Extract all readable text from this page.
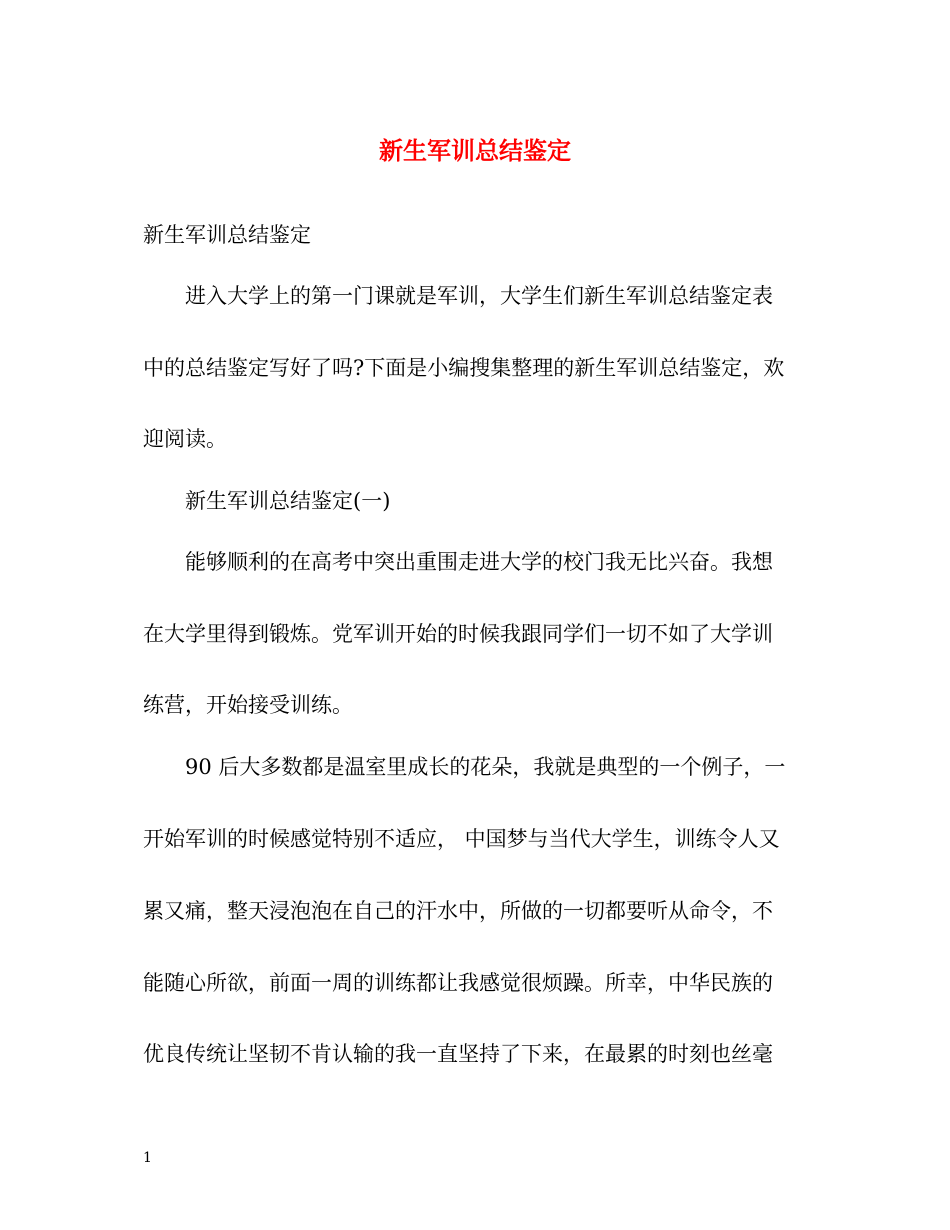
新生军训总结鉴定
新生军训总结鉴定
进入大学上的第一门课就是军训，大学生们新生军训总结鉴定表
中的总结鉴定写好了吗?下面是小编搜集整理的新生军训总结鉴定，欢
迎阅读。
新生军训总结鉴定(一)
能够顺利的在高考中突出重围走进大学的校门我无比兴奋。我想
在大学里得到锻炼。党军训开始的时候我跟同学们一切不如了大学训
练营，开始接受训练。
90 后大多数都是温室里成长的花朵，我就是典型的一个例子，一
开始军训的时候感觉特别不适应， 中国梦与当代大学生，训练令人又
累又痛，整天浸泡泡在自己的汗水中，所做的一切都要听从命令，不
能随心所欲，前面一周的训练都让我感觉很烦躁。所幸，中华民族的
优良传统让坚韧不肯认输的我一直坚持了下来，在最累的时刻也丝毫
1
